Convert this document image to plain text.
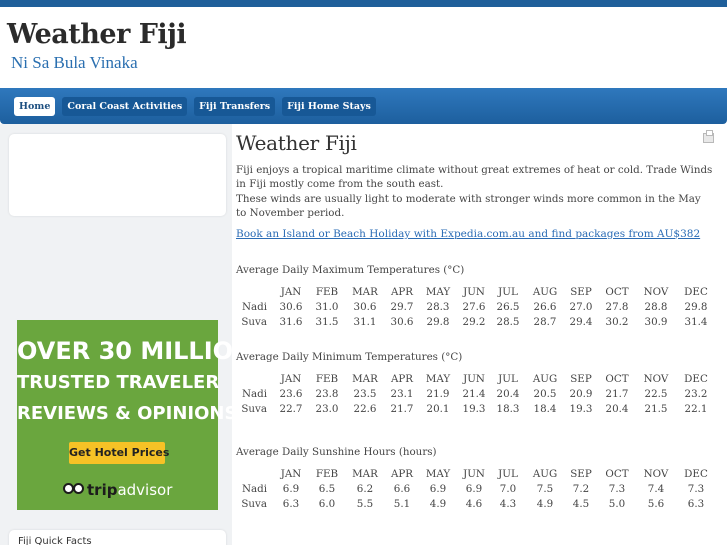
Weather Fiji
Ni Sa Bula Vinaka
Home	Coral Coast Activities	Fiji Transfers	Fiji Home Stays
OVER 30 MILLION
TRUSTED TRAVELER
REVIEWS & OPINIONS
Get Hotel Prices
tripadvisor
Fiji Quick Facts
Weather Fiji

Fiji enjoys a tropical maritime climate without great extremes of heat or cold. Trade Winds in Fiji mostly come from the south east.

These winds are usually light to moderate with stronger winds more common in the May to November period.

Book an Island or Beach Holiday with Expedia.com.au and find packages from AU$382
Average Daily Maximum Temperatures (°C)
JAN	FEB	MAR	APR	MAY	JUN	JUL	AUG	SEP	OCT	NOV	DEC
Nadi	30.6	31.0	30.6	29.7	28.3	27.6	26.5	26.6	27.0	27.8	28.8	29.8
Suva	31.6	31.5	31.1	30.6	29.8	29.2	28.5	28.7	29.4	30.2	30.9	31.4
Average Daily Minimum Temperatures (°C)
JAN	FEB	MAR	APR	MAY	JUN	JUL	AUG	SEP	OCT	NOV	DEC
Nadi	23.6	23.8	23.5	23.1	21.9	21.4	20.4	20.5	20.9	21.7	22.5	23.2
Suva	22.7	23.0	22.6	21.7	20.1	19.3	18.3	18.4	19.3	20.4	21.5	22.1
Average Daily Sunshine Hours (hours)
JAN	FEB	MAR	APR	MAY	JUN	JUL	AUG	SEP	OCT	NOV	DEC
Nadi	6.9	6.5	6.2	6.6	6.9	6.9	7.0	7.5	7.2	7.3	7.4	7.3
Suva	6.3	6.0	5.5	5.1	4.9	4.6	4.3	4.9	4.5	5.0	5.6	6.3
